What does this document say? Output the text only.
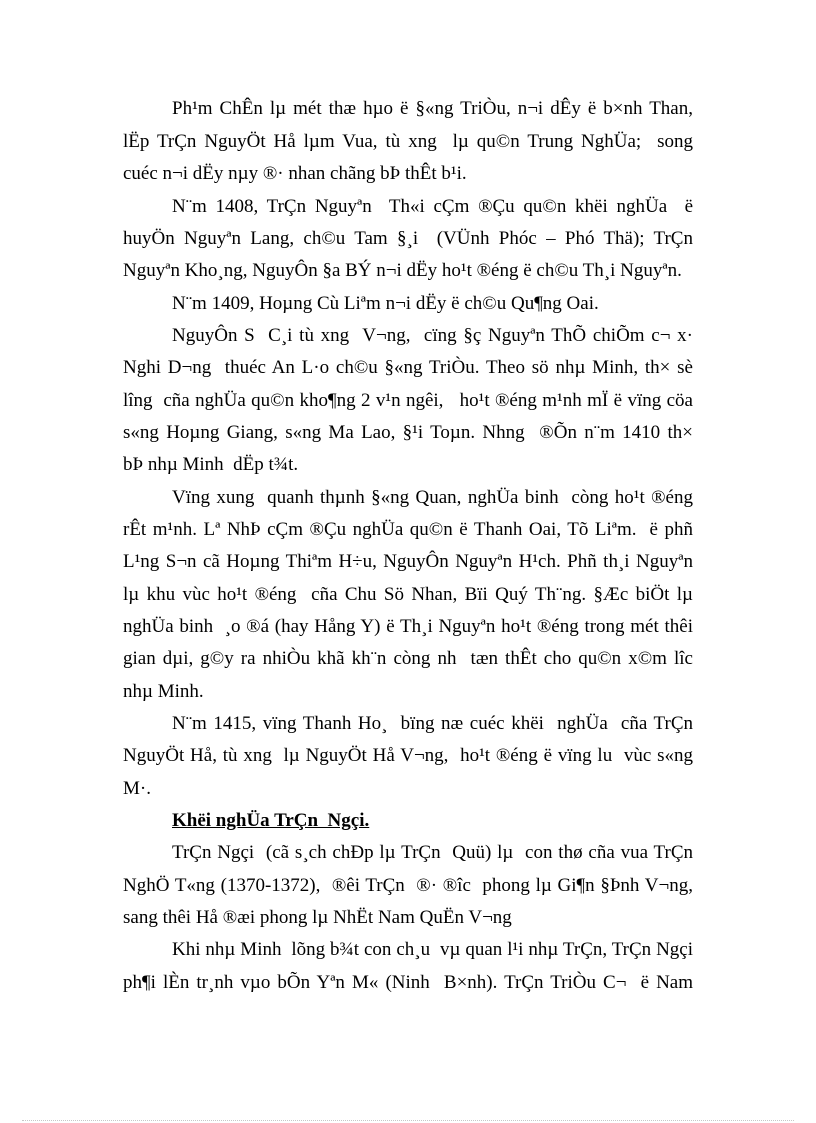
Ph¹m ChÊn lµ mét thæ hµo ë §«ng TriÒu, n¬i dÊy ë b×nh Than,
lËp TrÇn NguyÖt Hå lµm Vua, tù xng  lµ qu©n Trung NghÜa;  song
cuéc n¬i dËy nµy ®· nhan chãng bÞ thÊt b¹i.
N¨m 1408, TrÇn Nguyªn  Th«i cÇm ®Çu qu©n khëi nghÜa  ë
huyÖn Nguyªn Lang, ch©u Tam §¸i  (VÜnh Phóc – Phó Thä); TrÇn
Nguyªn Kho¸ng, NguyÔn §a BÝ n¬i dËy ho¹t ®éng ë ch©u Th¸i Nguyªn.
N¨m 1409, Hoµng Cù Liªm n¬i dËy ë ch©u Qu¶ng Oai.
NguyÔn S  C¸i tù xng  V¬ng,  cïng §ç Nguyªn ThÕ chiÕm c¬ x·
Nghi D¬ng  thuéc An L·o ch©u §«ng TriÒu. Theo sö nhµ Minh, th× sè
lîng  cña nghÜa qu©n kho¶ng 2 v¹n ngêi,   ho¹t ®éng m¹nh mÏ ë vïng cöa
s«ng Hoµng Giang, s«ng Ma Lao, §¹i Toµn. Nhng  ®Õn n¨m 1410 th×
bÞ nhµ Minh  dËp t¾t.
Vïng xung  quanh thµnh §«ng Quan, nghÜa binh  còng ho¹t ®éng
rÊt m¹nh. Lª NhÞ cÇm ®Çu nghÜa qu©n ë Thanh Oai, Tõ Liªm.  ë phñ
L¹ng S¬n cã Hoµng Thiªm H÷u, NguyÔn Nguyªn H¹ch. Phñ th¸i Nguyªn
lµ khu vùc ho¹t ®éng  cña Chu Sö Nhan, Bïi Quý Th¨ng. §Æc biÖt lµ
nghÜa binh  ¸o ®á (hay Hång Y) ë Th¸i Nguyªn ho¹t ®éng trong mét thêi
gian dµi, g©y ra nhiÒu khã kh¨n còng nh  tæn thÊt cho qu©n x©m lîc
nhµ Minh.
N¨m 1415, vïng Thanh Ho¸  bïng næ cuéc khëi  nghÜa  cña TrÇn
NguyÖt Hå, tù xng  lµ NguyÖt Hå V¬ng,  ho¹t ®éng ë vïng lu  vùc s«ng
M·.
Khëi nghÜa TrÇn  Ngçi.
TrÇn Ngçi  (cã s¸ch chÐp lµ TrÇn  Quü) lµ  con thø cña vua TrÇn
NghÖ T«ng (1370-1372),  ®êi TrÇn  ®· ®îc  phong lµ Gi¶n §Þnh V¬ng,
sang thêi Hå ®æi phong lµ NhËt Nam QuËn V¬ng
Khi nhµ Minh  lõng b¾t con ch¸u  vµ quan l¹i nhµ TrÇn, TrÇn Ngçi
ph¶i lÈn tr¸nh vµo bÕn Yªn M« (Ninh  B×nh). TrÇn TriÒu C¬  ë Nam
